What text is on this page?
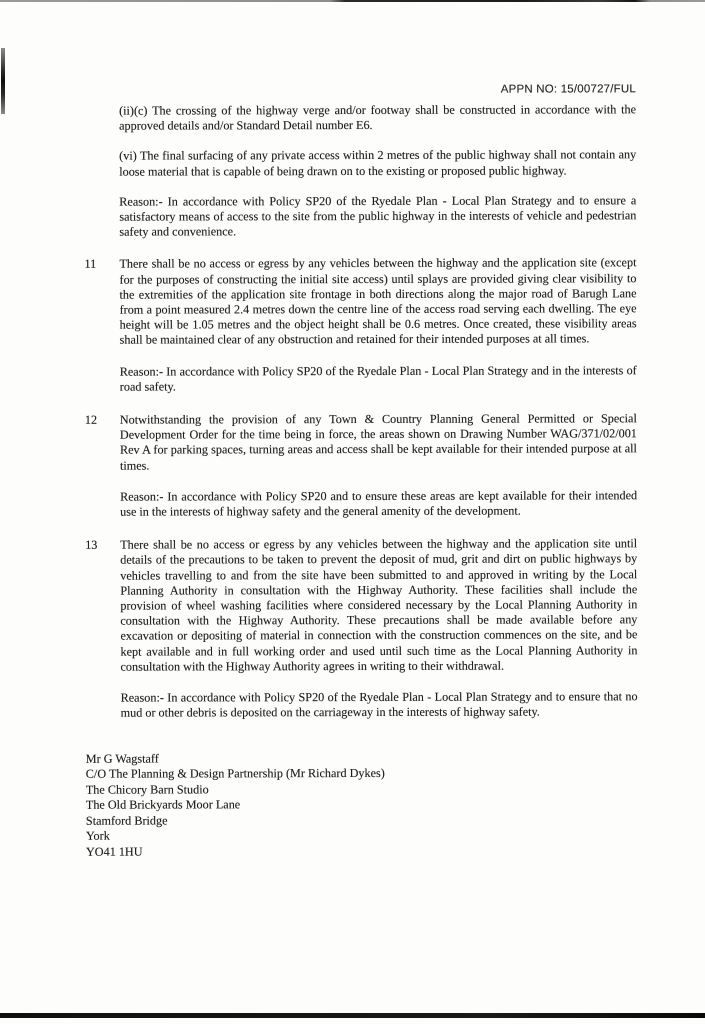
APPN NO: 15/00727/FUL

(ii)(c) The crossing of the highway verge and/or footway shall be constructed in accordance with the approved details and/or Standard Detail number E6.

(vi) The final surfacing of any private access within 2 metres of the public highway shall not contain any loose material that is capable of being drawn on to the existing or proposed public highway.

Reason:- In accordance with Policy SP20 of the Ryedale Plan - Local Plan Strategy and to ensure a satisfactory means of access to the site from the public highway in the interests of vehicle and pedestrian safety and convenience.

11	There shall be no access or egress by any vehicles between the highway and the application site (except for the purposes of constructing the initial site access) until splays are provided giving clear visibility to the extremities of the application site frontage in both directions along the major road of Barugh Lane from a point measured 2.4 metres down the centre line of the access road serving each dwelling. The eye height will be 1.05 metres and the object height shall be 0.6 metres. Once created, these visibility areas shall be maintained clear of any obstruction and retained for their intended purposes at all times.

Reason:- In accordance with Policy SP20 of the Ryedale Plan - Local Plan Strategy and in the interests of road safety.

12	Notwithstanding the provision of any Town & Country Planning General Permitted or Special Development Order for the time being in force, the areas shown on Drawing Number WAG/371/02/001 Rev A for parking spaces, turning areas and access shall be kept available for their intended purpose at all times.

Reason:- In accordance with Policy SP20 and to ensure these areas are kept available for their intended use in the interests of highway safety and the general amenity of the development.

13	There shall be no access or egress by any vehicles between the highway and the application site until details of the precautions to be taken to prevent the deposit of mud, grit and dirt on public highways by vehicles travelling to and from the site have been submitted to and approved in writing by the Local Planning Authority in consultation with the Highway Authority. These facilities shall include the provision of wheel washing facilities where considered necessary by the Local Planning Authority in consultation with the Highway Authority. These precautions shall be made available before any excavation or depositing of material in connection with the construction commences on the site, and be kept available and in full working order and used until such time as the Local Planning Authority in consultation with the Highway Authority agrees in writing to their withdrawal.

Reason:- In accordance with Policy SP20 of the Ryedale Plan - Local Plan Strategy and to ensure that no mud or other debris is deposited on the carriageway in the interests of highway safety.

Mr G Wagstaff
C/O The Planning & Design Partnership (Mr Richard Dykes)
The Chicory Barn Studio
The Old Brickyards Moor Lane
Stamford Bridge
York
YO41 1HU
